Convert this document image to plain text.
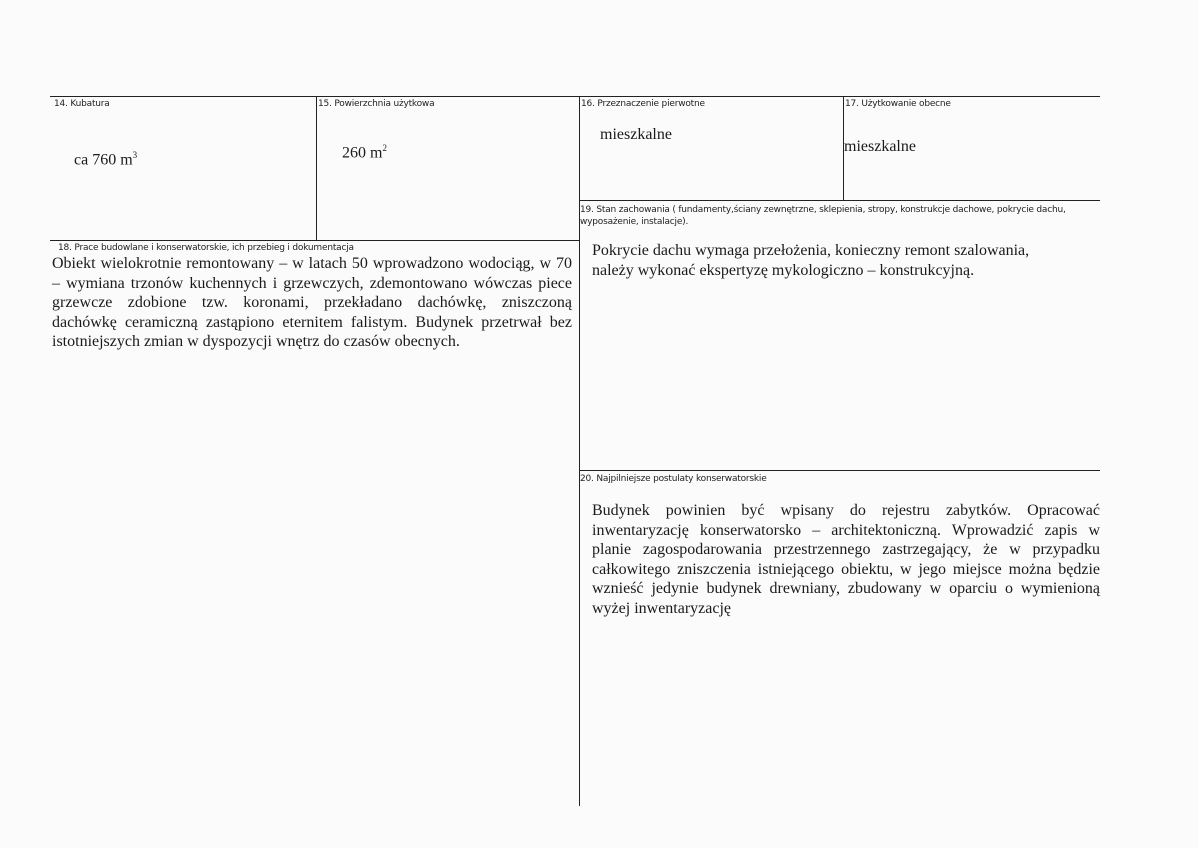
14. Kubatura
ca 760 $m^3$
15. Powierzchnia użytkowa
260 $m^2$
16. Przeznaczenie pierwotne
mieszkalne
17. Użytkowanie obecne
mieszkalne
19. Stan zachowania ( fundamenty,ściany zewnętrzne, sklepienia, stropy, konstrukcje dachowe, pokrycie dachu, wyposażenie, instalacje).
Pokrycie dachu wymaga przełożenia, konieczny remont szalowania, należy wykonać ekspertyzę mykologiczno – konstrukcyjną.
18. Prace budowlane i konserwatorskie, ich przebieg i dokumentacja
Obiekt wielokrotnie remontowany – w latach 50 wprowadzono wodociąg, w 70 – wymiana trzonów kuchennych i grzewczych, zdemontowano wówczas piece grzewcze zdobione tzw. koronami, przekładano dachówkę, zniszczoną dachówkę ceramiczną zastąpiono eternitem falistym. Budynek przetrwał bez istotniejszych zmian w dyspozycji wnętrz do czasów obecnych.
20. Najpilniejsze postulaty konserwatorskie
Budynek powinien być wpisany do rejestru zabytków. Opracować inwentaryzację konserwatorsko – architektoniczną. Wprowadzić zapis w planie zagospodarowania przestrzennego zastrzegający, że w przypadku całkowitego zniszczenia istniejącego obiektu, w jego miejsce można będzie wznieść jedynie budynek drewniany, zbudowany w oparciu o wymienioną wyżej inwentaryzację
